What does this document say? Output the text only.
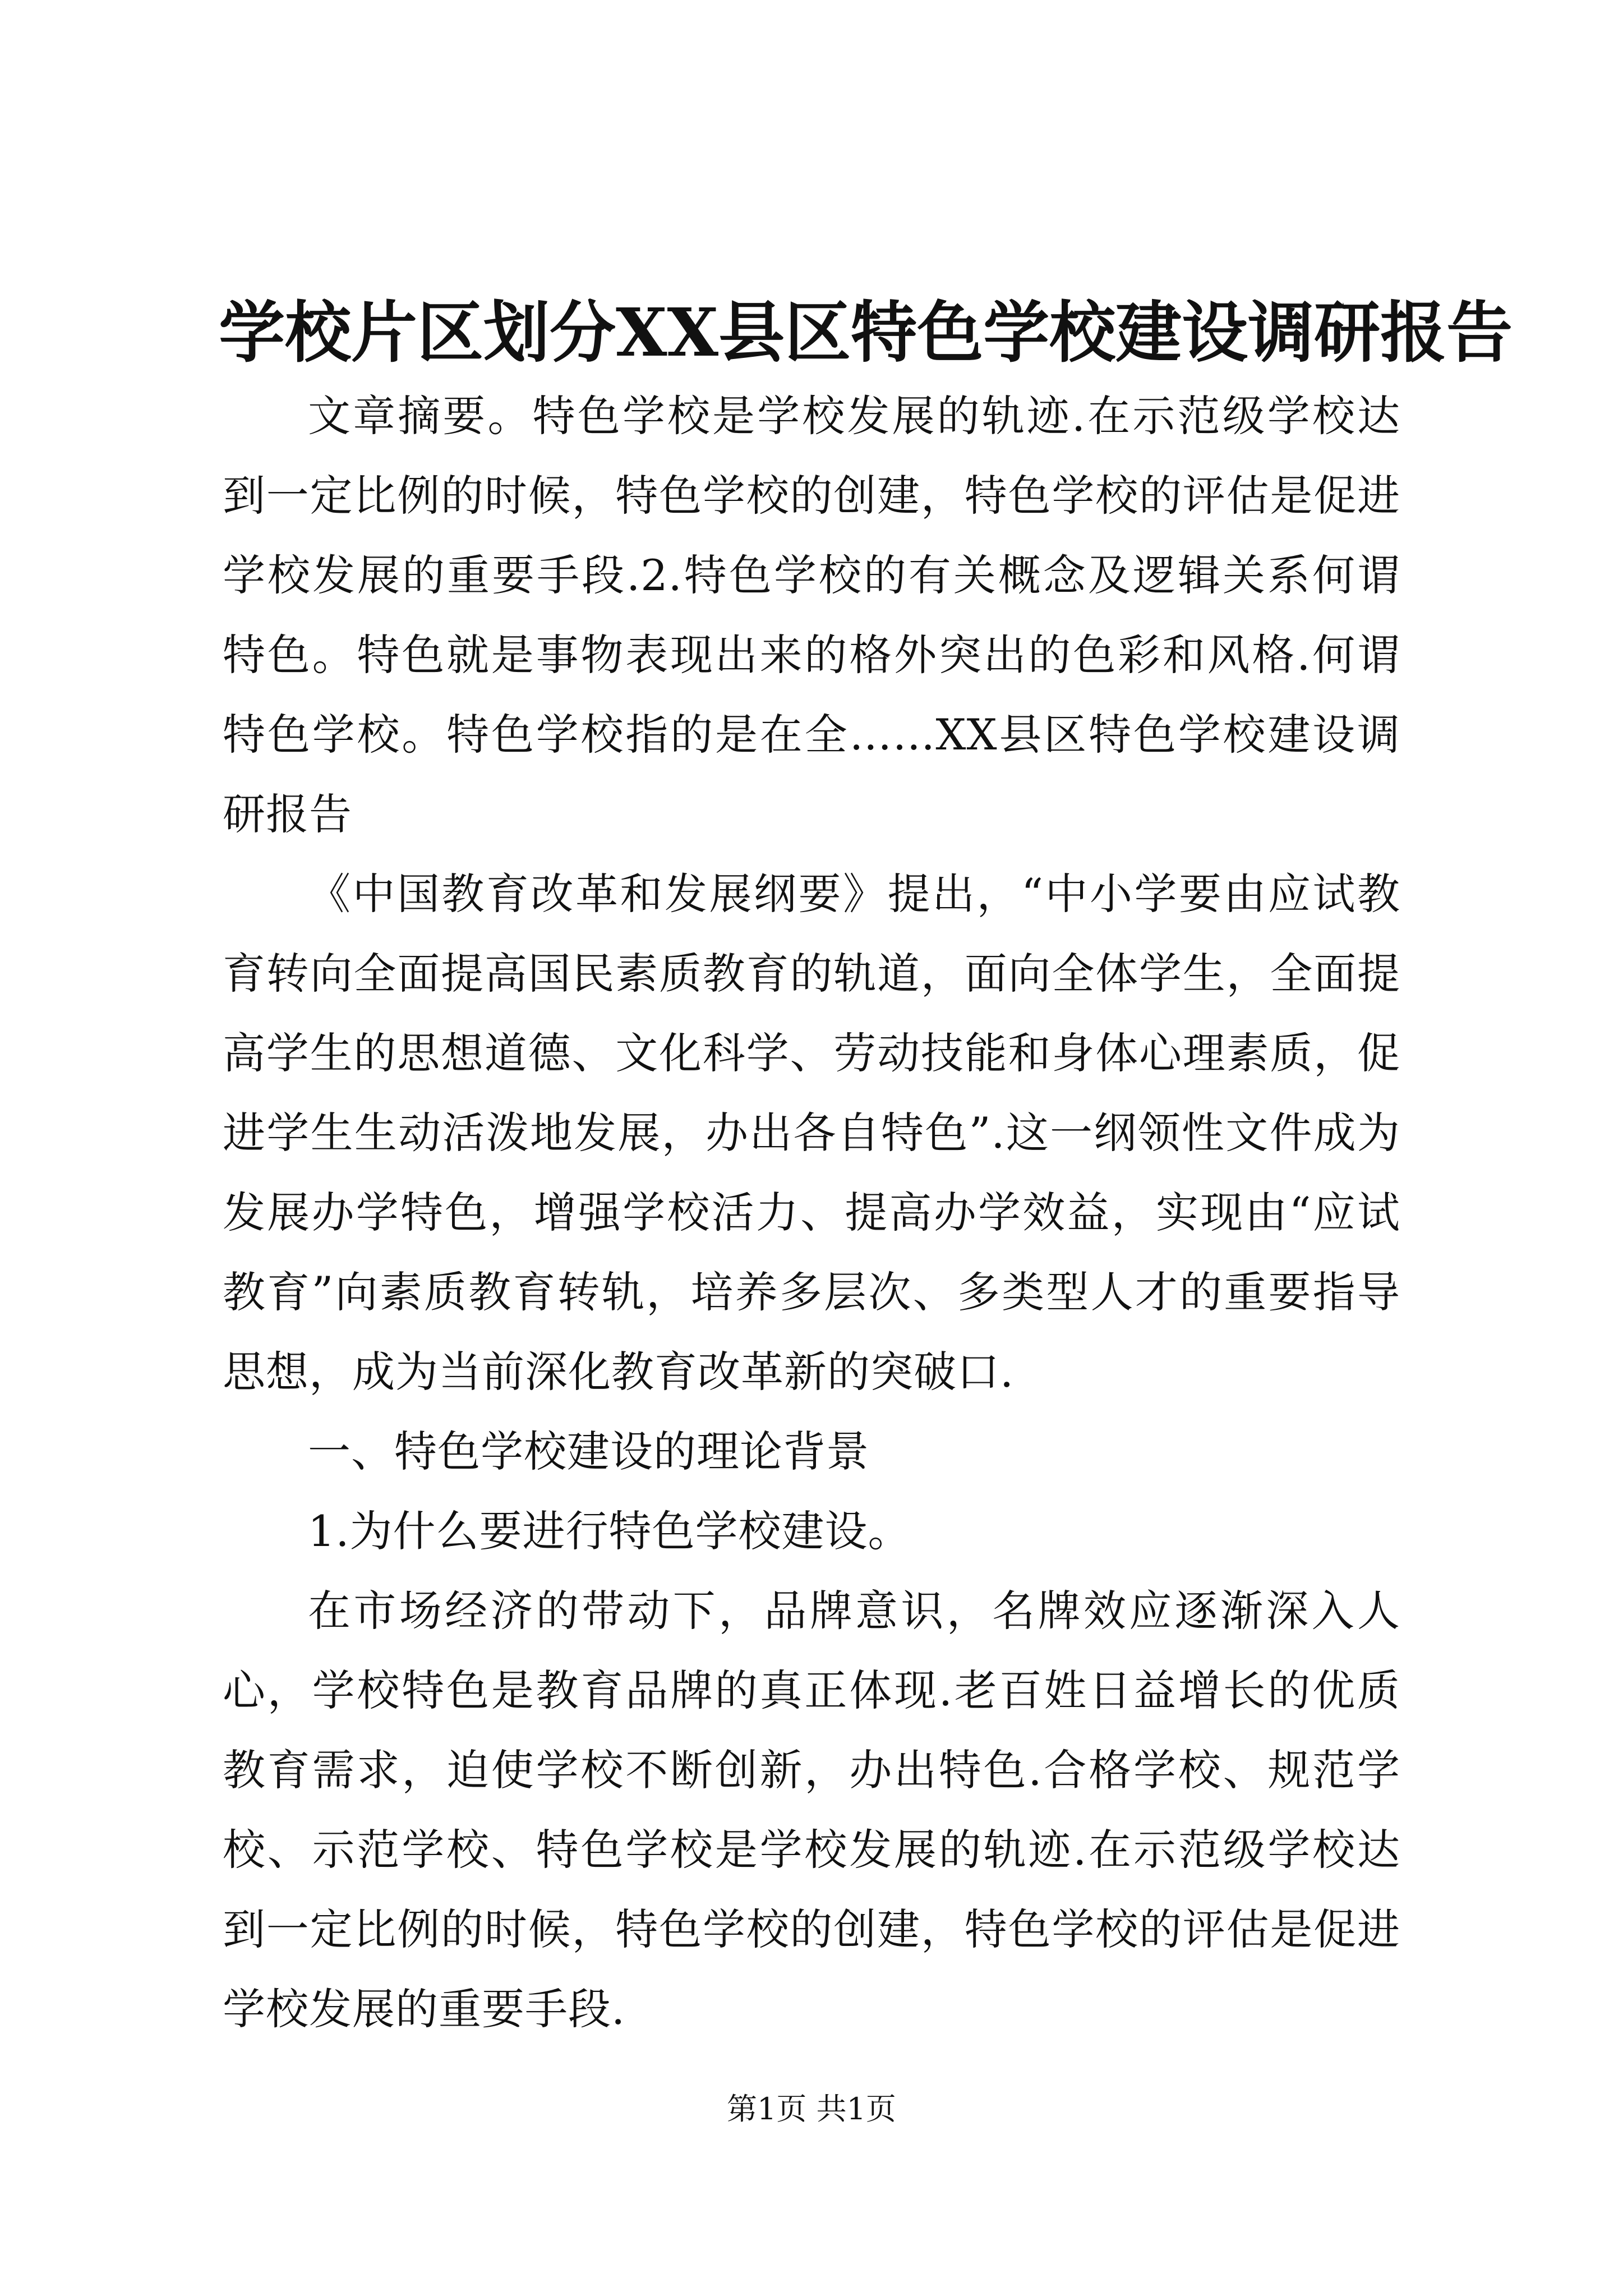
学校片区划分XX县区特色学校建设调研报告

文章摘要。特色学校是学校发展的轨迹.在示范级学校达到一定比例的时候，特色学校的创建，特色学校的评估是促进学校发展的重要手段.2.特色学校的有关概念及逻辑关系何谓特色。特色就是事物表现出来的格外突出的色彩和风格.何谓特色学校。特色学校指的是在全……XX县区特色学校建设调研报告

《中国教育改革和发展纲要》提出，“中小学要由应试教育转向全面提高国民素质教育的轨道，面向全体学生，全面提高学生的思想道德、文化科学、劳动技能和身体心理素质，促进学生生动活泼地发展，办出各自特色”.这一纲领性文件成为发展办学特色，增强学校活力、提高办学效益，实现由“应试教育”向素质教育转轨，培养多层次、多类型人才的重要指导思想，成为当前深化教育改革新的突破口.

一、特色学校建设的理论背景

1.为什么要进行特色学校建设。

在市场经济的带动下，品牌意识，名牌效应逐渐深入人心，学校特色是教育品牌的真正体现.老百姓日益增长的优质教育需求，迫使学校不断创新，办出特色.合格学校、规范学校、示范学校、特色学校是学校发展的轨迹.在示范级学校达到一定比例的时候，特色学校的创建，特色学校的评估是促进学校发展的重要手段.

第1页 共1页
